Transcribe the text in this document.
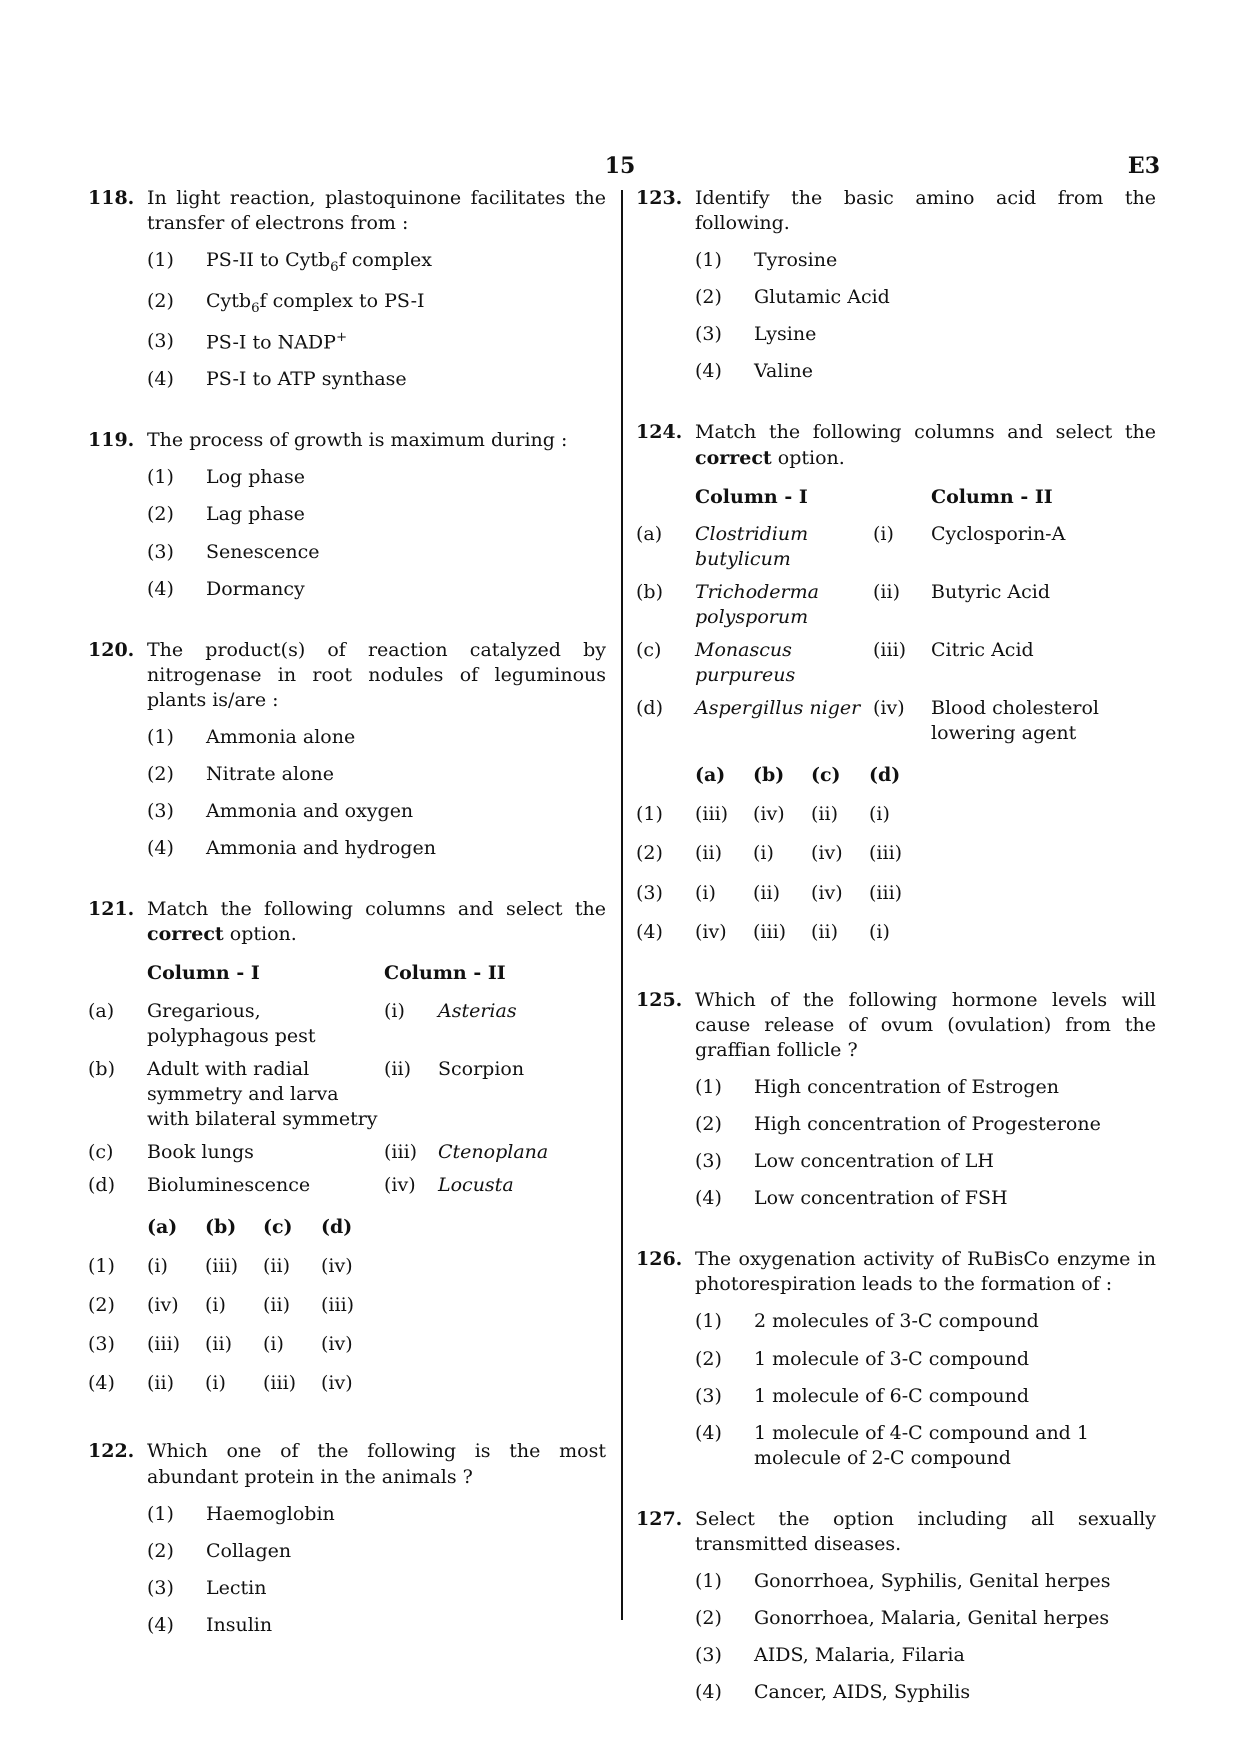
15	E3
118. In light reaction, plastoquinone facilitates the transfer of electrons from :
(1) PS-II to Cytb$_6$f complex
(2) Cytb$_6$f complex to PS-I
(3) PS-I to NADP+
(4) PS-I to ATP synthase
119. The process of growth is maximum during :
(1) Log phase
(2) Lag phase
(3) Senescence
(4) Dormancy
120. The product(s) of reaction catalyzed by nitrogenase in root nodules of leguminous plants is/are :
(1) Ammonia alone
(2) Nitrate alone
(3) Ammonia and oxygen
(4) Ammonia and hydrogen
121. Match the following columns and select the correct option.
	Column - I	Column - II	
(a)	Gregarious, polyphagous pest	(i)	Asterias
(b)	Adult with radial symmetry and larva with bilateral symmetry	(ii)	Scorpion
(c)	Book lungs	(iii)	Ctenoplana
(d)	Bioluminescence	(iv)	Locusta
	(a)	(b)	(c)	(d)
(1)	(i)	(iii)	(ii)	(iv)
(2)	(iv)	(i)	(ii)	(iii)
(3)	(iii)	(ii)	(i)	(iv)
(4)	(ii)	(i)	(iii)	(iv)
122. Which one of the following is the most abundant protein in the animals ?
(1) Haemoglobin
(2) Collagen
(3) Lectin
(4) Insulin
123. Identify the basic amino acid from the following.
(1) Tyrosine
(2) Glutamic Acid
(3) Lysine
(4) Valine
124. Match the following columns and select the correct option.
	Column - I		Column - II
(a)	Clostridium butylicum	(i)	Cyclosporin-A
(b)	Trichoderma polysporum	(ii)	Butyric Acid
(c)	Monascus purpureus	(iii)	Citric Acid
(d)	Aspergillus niger	(iv)	Blood cholesterol lowering agent
	(a)	(b)	(c)	(d)
(1)	(iii)	(iv)	(ii)	(i)
(2)	(ii)	(i)	(iv)	(iii)
(3)	(i)	(ii)	(iv)	(iii)
(4)	(iv)	(iii)	(ii)	(i)
125. Which of the following hormone levels will cause release of ovum (ovulation) from the graffian follicle ?
(1) High concentration of Estrogen
(2) High concentration of Progesterone
(3) Low concentration of LH
(4) Low concentration of FSH
126. The oxygenation activity of RuBisCo enzyme in photorespiration leads to the formation of :
(1) 2 molecules of 3-C compound
(2) 1 molecule of 3-C compound
(3) 1 molecule of 6-C compound
(4) 1 molecule of 4-C compound and 1 molecule of 2-C compound
127. Select the option including all sexually transmitted diseases.
(1) Gonorrhoea, Syphilis, Genital herpes
(2) Gonorrhoea, Malaria, Genital herpes
(3) AIDS, Malaria, Filaria
(4) Cancer, AIDS, Syphilis
